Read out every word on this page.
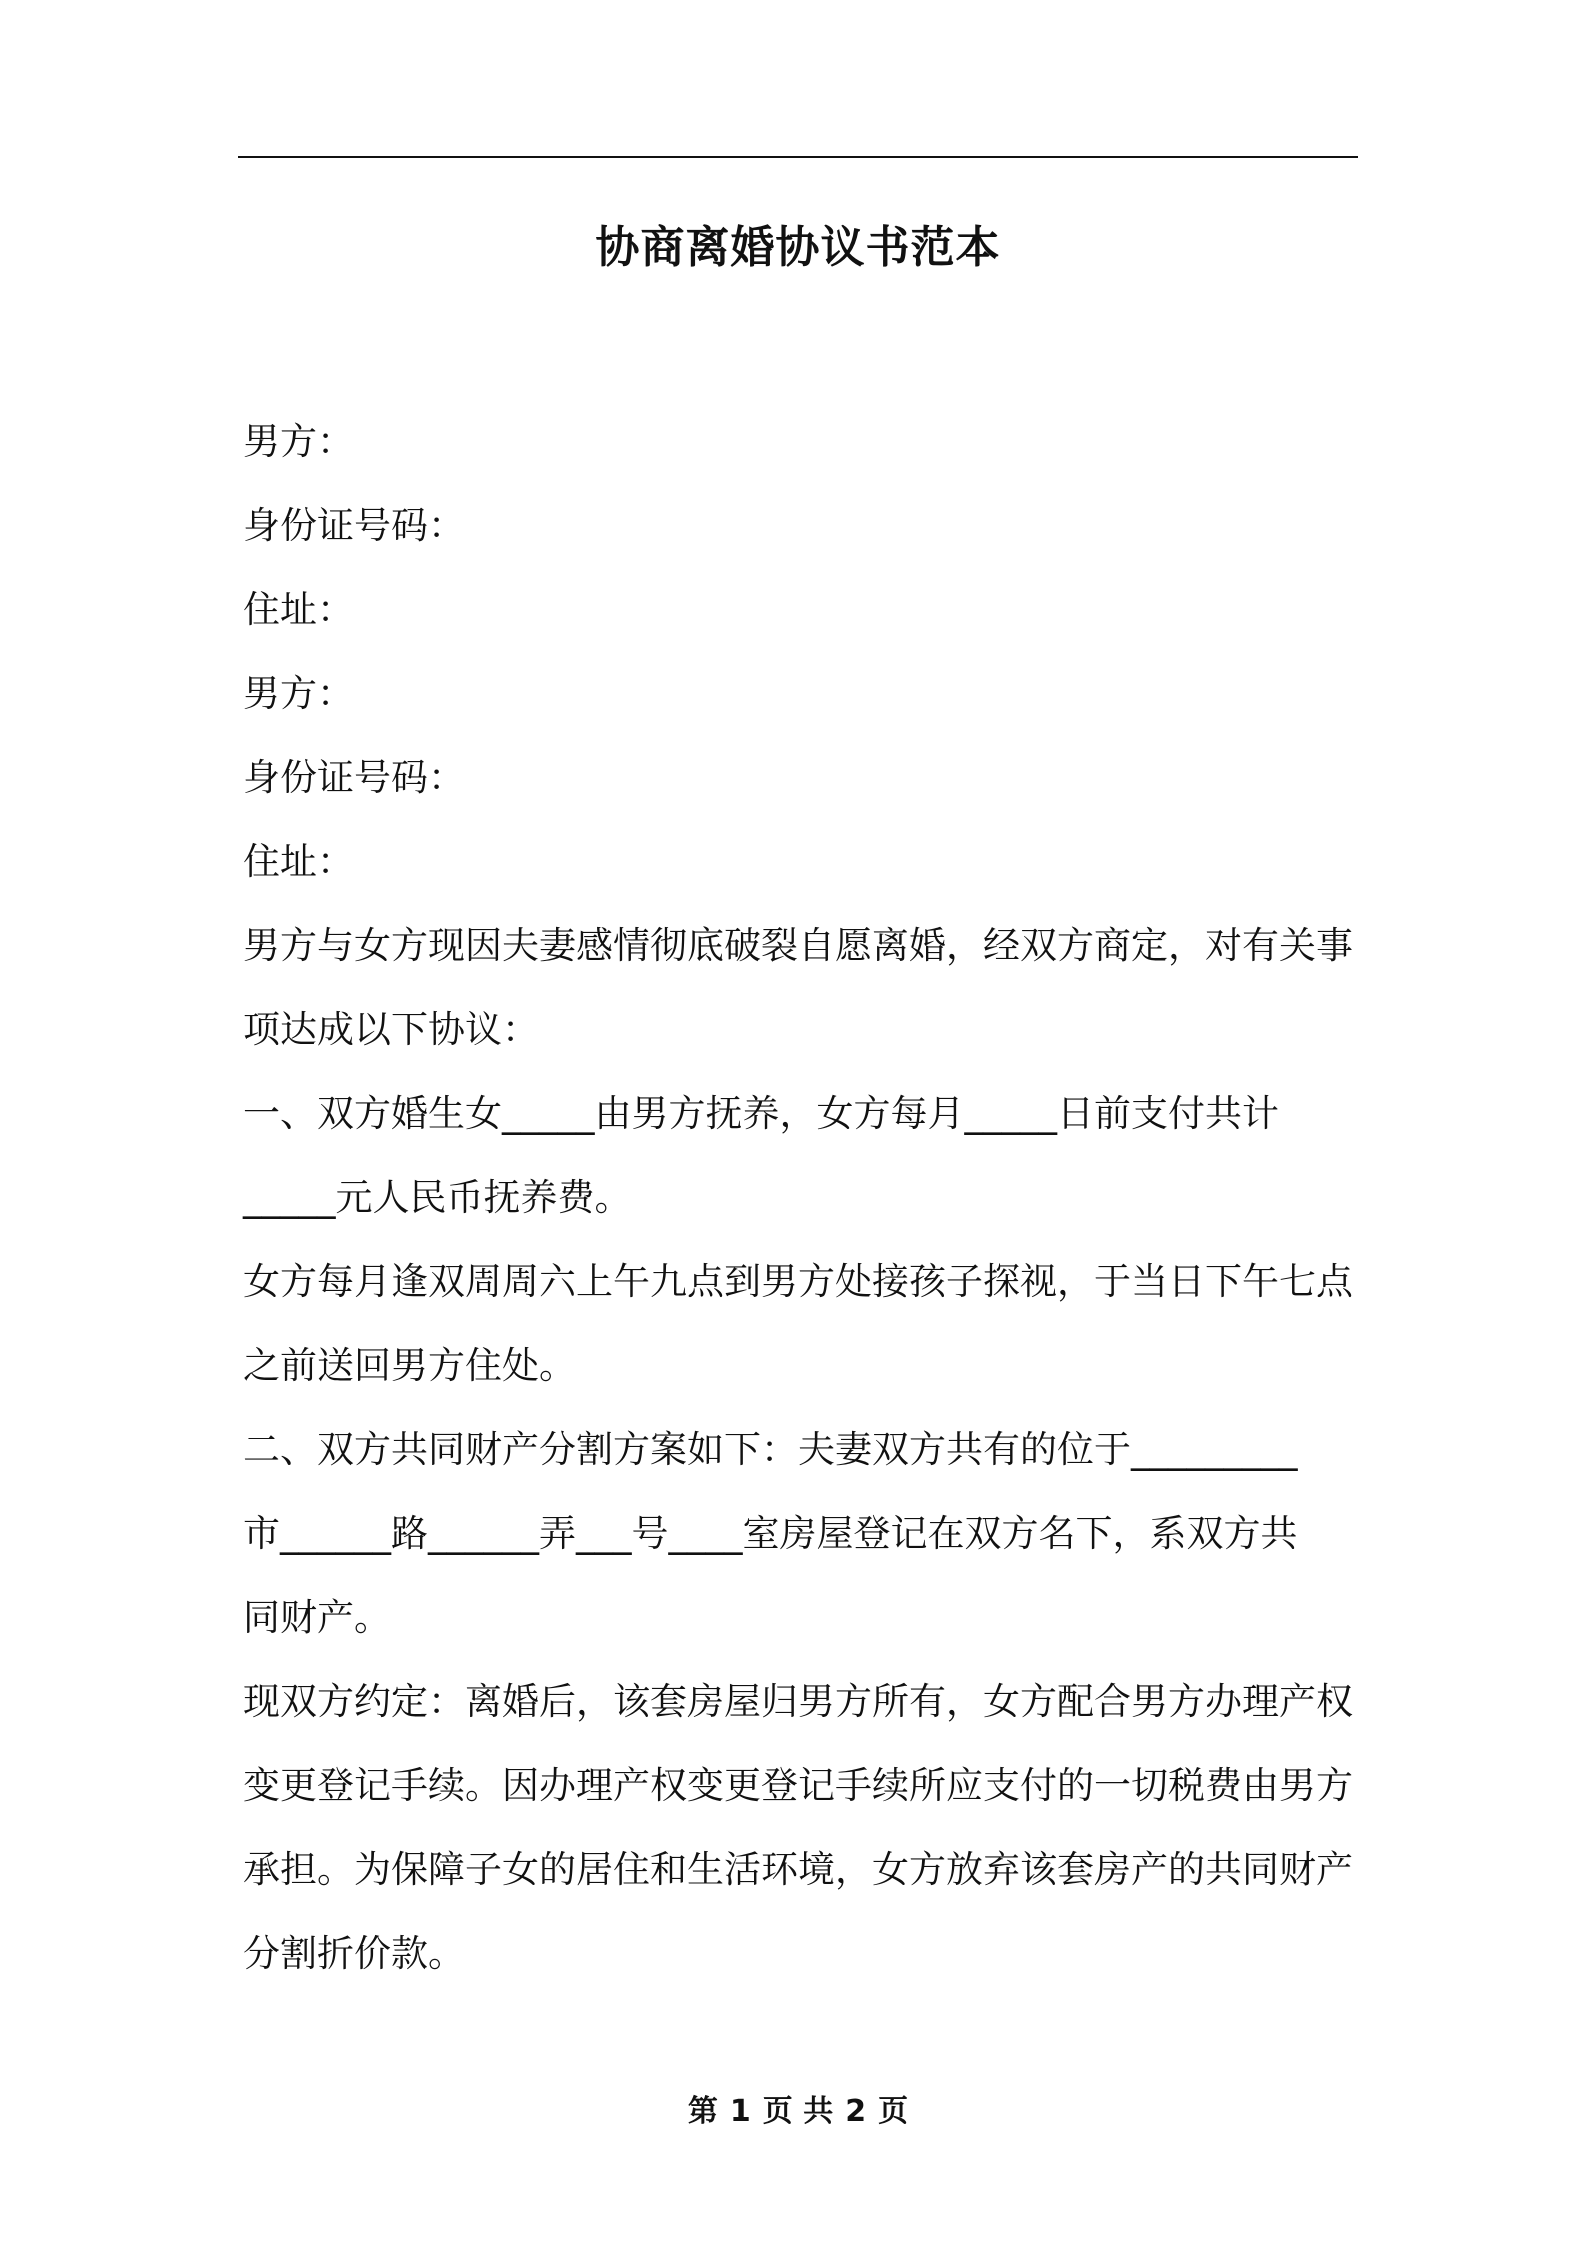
协商离婚协议书范本
男方：
身份证号码：
住址：
男方：
身份证号码：
住址：
男方与女方现因夫妻感情彻底破裂自愿离婚，经双方商定，对有关事
项达成以下协议：
一、双方婚生女_____由男方抚养，女方每月_____日前支付共计
_____元人民币抚养费。
女方每月逢双周周六上午九点到男方处接孩子探视，于当日下午七点
之前送回男方住处。
二、双方共同财产分割方案如下：夫妻双方共有的位于_________
市______路______弄___号____室房屋登记在双方名下，系双方共
同财产。
现双方约定：离婚后，该套房屋归男方所有，女方配合男方办理产权
变更登记手续。因办理产权变更登记手续所应支付的一切税费由男方
承担。为保障子女的居住和生活环境，女方放弃该套房产的共同财产
分割折价款。
第 1 页 共 2 页
